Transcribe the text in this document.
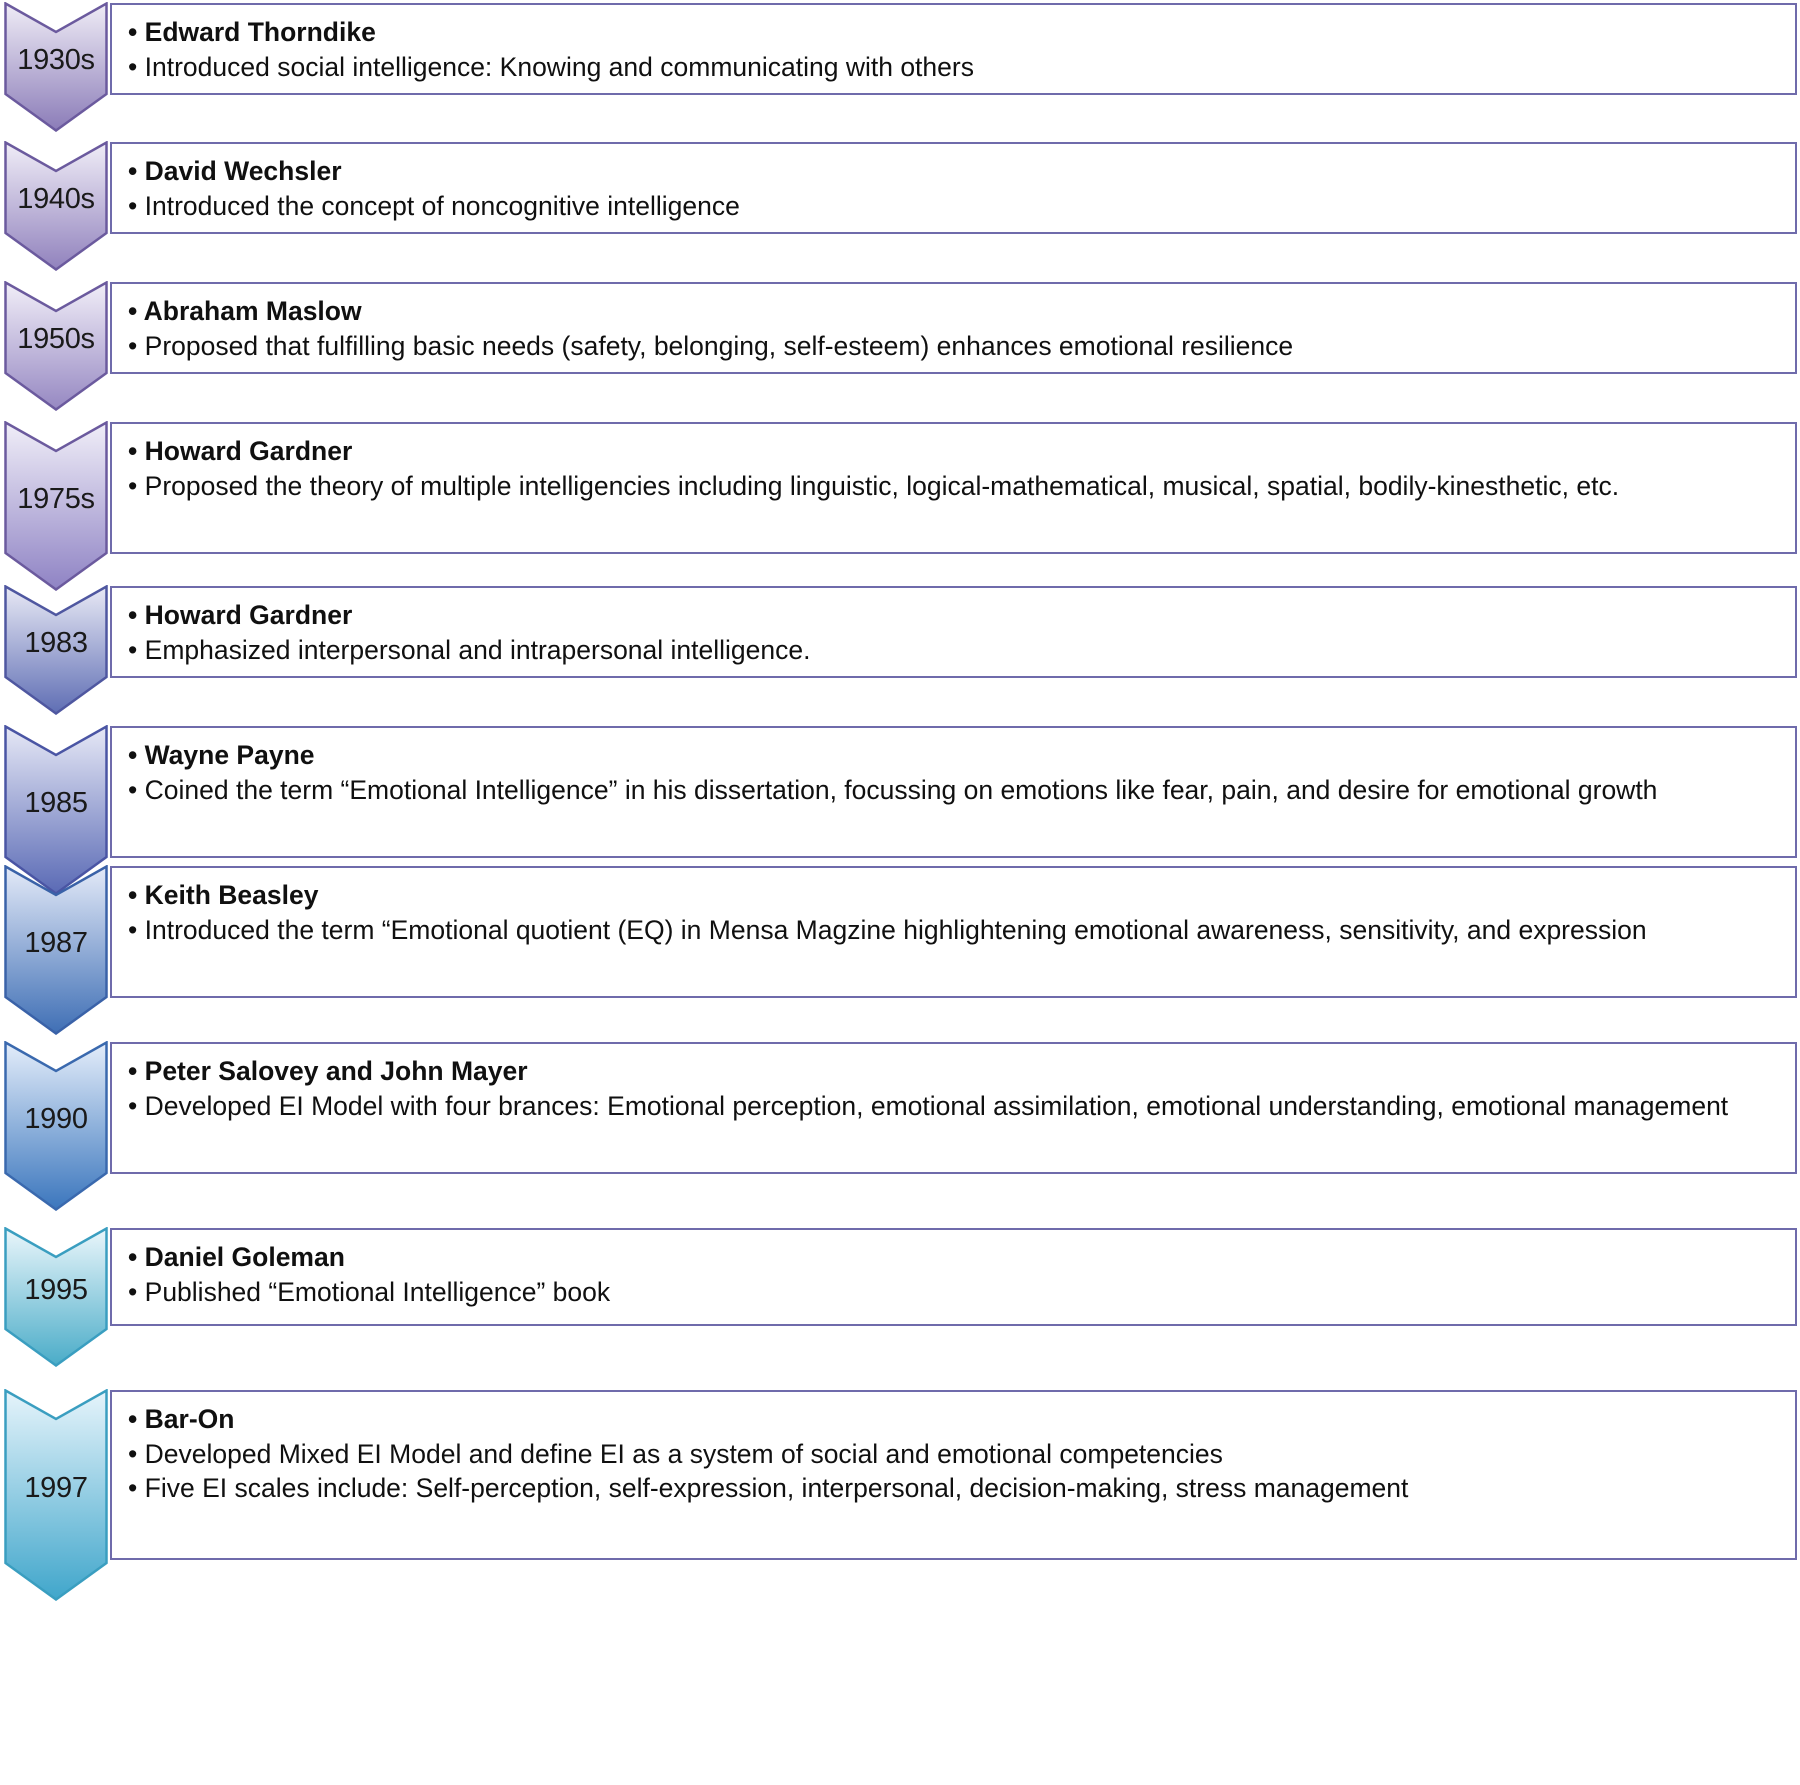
1930s
• Edward Thorndike
• Introduced social intelligence: Knowing and communicating with others
1940s
• David Wechsler
• Introduced the concept of noncognitive intelligence
1950s
• Abraham Maslow
• Proposed that fulfilling basic needs (safety, belonging, self-esteem) enhances emotional resilience
1975s
• Howard Gardner
• Proposed the theory of multiple intelligencies including linguistic, logical-mathematical, musical, spatial, bodily-kinesthetic, etc.
1983
• Howard Gardner
• Emphasized interpersonal and intrapersonal intelligence.
1985
• Wayne Payne
• Coined the term “Emotional Intelligence” in his dissertation, focussing on emotions like fear, pain, and desire for emotional growth
1987
• Keith Beasley
• Introduced the term “Emotional quotient (EQ) in Mensa Magzine highlightening emotional awareness, sensitivity, and expression
1990
• Peter Salovey and John Mayer
• Developed EI Model with four brances: Emotional perception, emotional assimilation, emotional understanding, emotional management
1995
• Daniel Goleman
• Published “Emotional Intelligence” book
1997
• Bar-On
• Developed Mixed EI Model and define EI as a system of social and emotional competencies
• Five EI scales include: Self-perception, self-expression, interpersonal, decision-making, stress management
